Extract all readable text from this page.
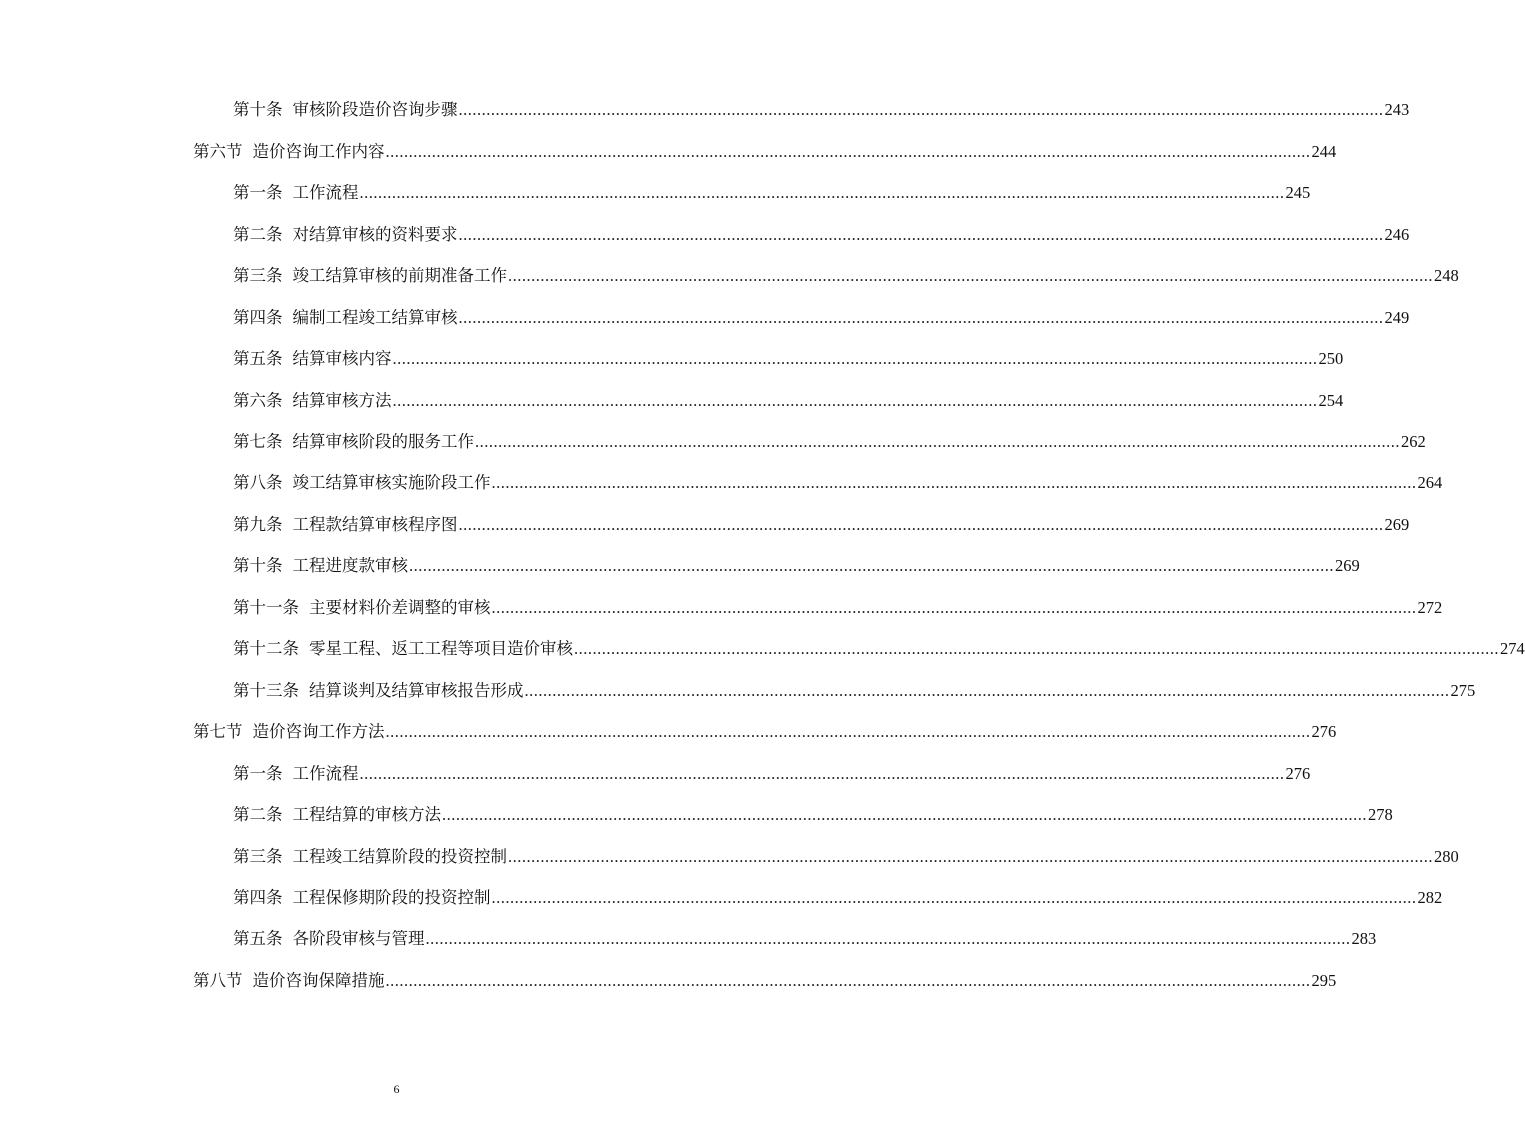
第十条 审核阶段造价咨询步骤 ........................................................................................................................................................................................................ 243
第六节 造价咨询工作内容 ........................................................................................................................................................................................................ 244
第一条 工作流程 ........................................................................................................................................................................................................ 245
第二条 对结算审核的资料要求 ........................................................................................................................................................................................................ 246
第三条 竣工结算审核的前期准备工作 ........................................................................................................................................................................................................ 248
第四条 编制工程竣工结算审核 ........................................................................................................................................................................................................ 249
第五条 结算审核内容 ........................................................................................................................................................................................................ 250
第六条 结算审核方法 ........................................................................................................................................................................................................ 254
第七条 结算审核阶段的服务工作 ........................................................................................................................................................................................................ 262
第八条 竣工结算审核实施阶段工作 ........................................................................................................................................................................................................ 264
第九条 工程款结算审核程序图 ........................................................................................................................................................................................................ 269
第十条 工程进度款审核 ........................................................................................................................................................................................................ 269
第十一条 主要材料价差调整的审核 ........................................................................................................................................................................................................ 272
第十二条 零星工程、返工工程等项目造价审核 ........................................................................................................................................................................................................ 274
第十三条 结算谈判及结算审核报告形成 ........................................................................................................................................................................................................ 275
第七节 造价咨询工作方法 ........................................................................................................................................................................................................ 276
第一条 工作流程 ........................................................................................................................................................................................................ 276
第二条 工程结算的审核方法 ........................................................................................................................................................................................................ 278
第三条 工程竣工结算阶段的投资控制 ........................................................................................................................................................................................................ 280
第四条 工程保修期阶段的投资控制 ........................................................................................................................................................................................................ 282
第五条 各阶段审核与管理 ........................................................................................................................................................................................................ 283
第八节 造价咨询保障措施 ........................................................................................................................................................................................................ 295
6
